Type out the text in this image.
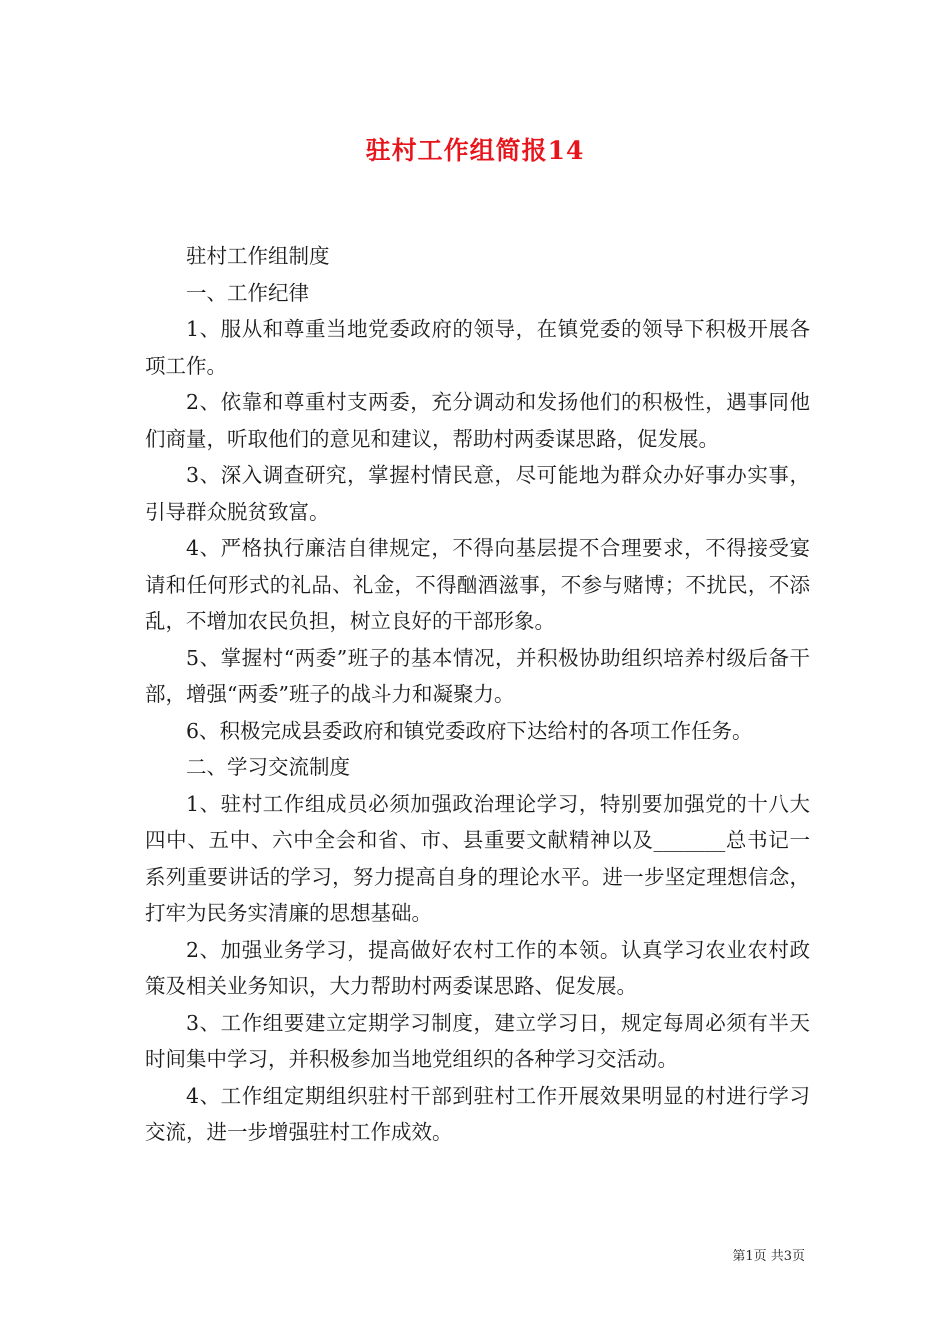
驻村工作组简报14

驻村工作组制度

一、工作纪律

1、服从和尊重当地党委政府的领导，在镇党委的领导下积极开展各项工作。

2、依靠和尊重村支两委，充分调动和发扬他们的积极性，遇事同他们商量，听取他们的意见和建议，帮助村两委谋思路，促发展。

3、深入调查研究，掌握村情民意，尽可能地为群众办好事办实事，引导群众脱贫致富。

4、严格执行廉洁自律规定，不得向基层提不合理要求，不得接受宴请和任何形式的礼品、礼金，不得酗酒滋事，不参与赌博；不扰民，不添乱，不增加农民负担，树立良好的干部形象。

5、掌握村“两委”班子的基本情况，并积极协助组织培养村级后备干部，增强“两委”班子的战斗力和凝聚力。

6、积极完成县委政府和镇党委政府下达给村的各项工作任务。

二、学习交流制度

1、驻村工作组成员必须加强政治理论学习，特别要加强党的十八大四中、五中、六中全会和省、市、县重要文献精神以及_______总书记一系列重要讲话的学习，努力提高自身的理论水平。进一步坚定理想信念，打牢为民务实清廉的思想基础。

2、加强业务学习，提高做好农村工作的本领。认真学习农业农村政策及相关业务知识，大力帮助村两委谋思路、促发展。

3、工作组要建立定期学习制度，建立学习日，规定每周必须有半天时间集中学习，并积极参加当地党组织的各种学习交活动。

4、工作组定期组织驻村干部到驻村工作开展效果明显的村进行学习交流，进一步增强驻村工作成效。

第1页 共3页
